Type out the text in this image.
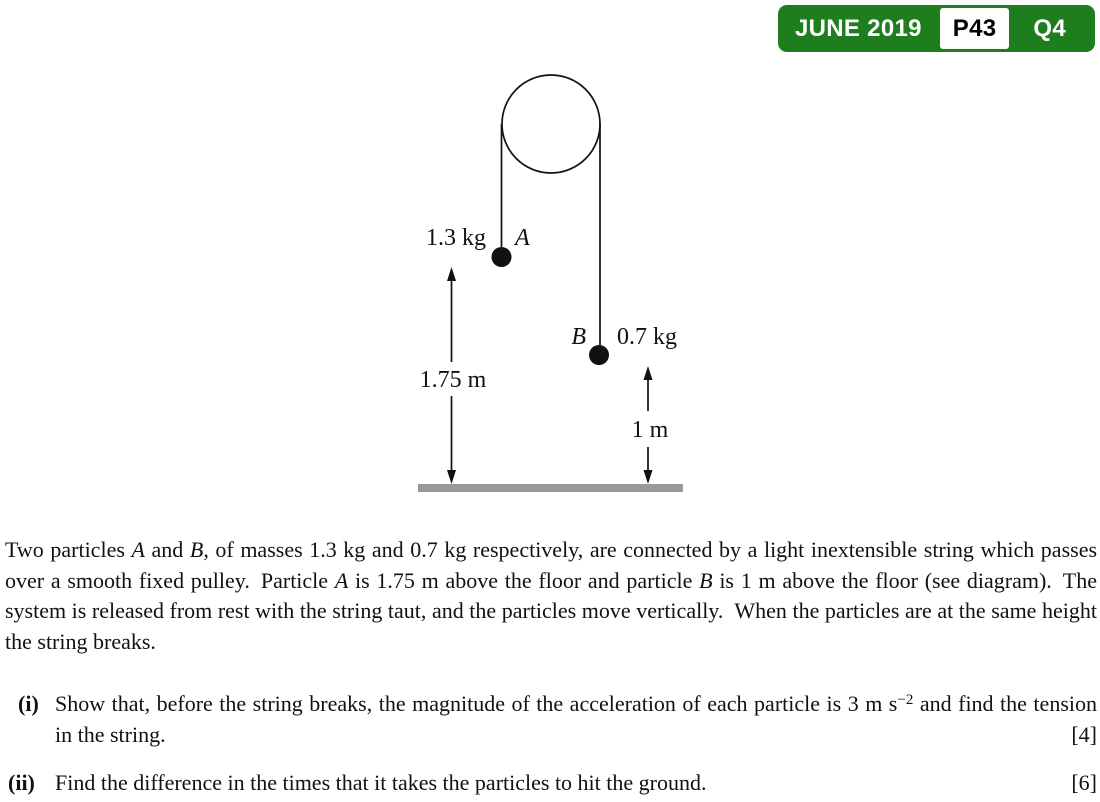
JUNE 2019	P43	Q4
1.3 kg A
B 0.7 kg
1.75 m
1 m
Two particles A and B, of masses 1.3 kg and 0.7 kg respectively, are connected by a light inextensible string which passes over a smooth fixed pulley. Particle A is 1.75 m above the floor and particle B is 1 m above the floor (see diagram). The system is released from rest with the string taut, and the particles move vertically. When the particles are at the same height the string breaks.
(i) Show that, before the string breaks, the magnitude of the acceleration of each particle is 3 m $s^{-2}$ and find the tension in the string.	[4]
(ii) Find the difference in the times that it takes the particles to hit the ground.	[6]
